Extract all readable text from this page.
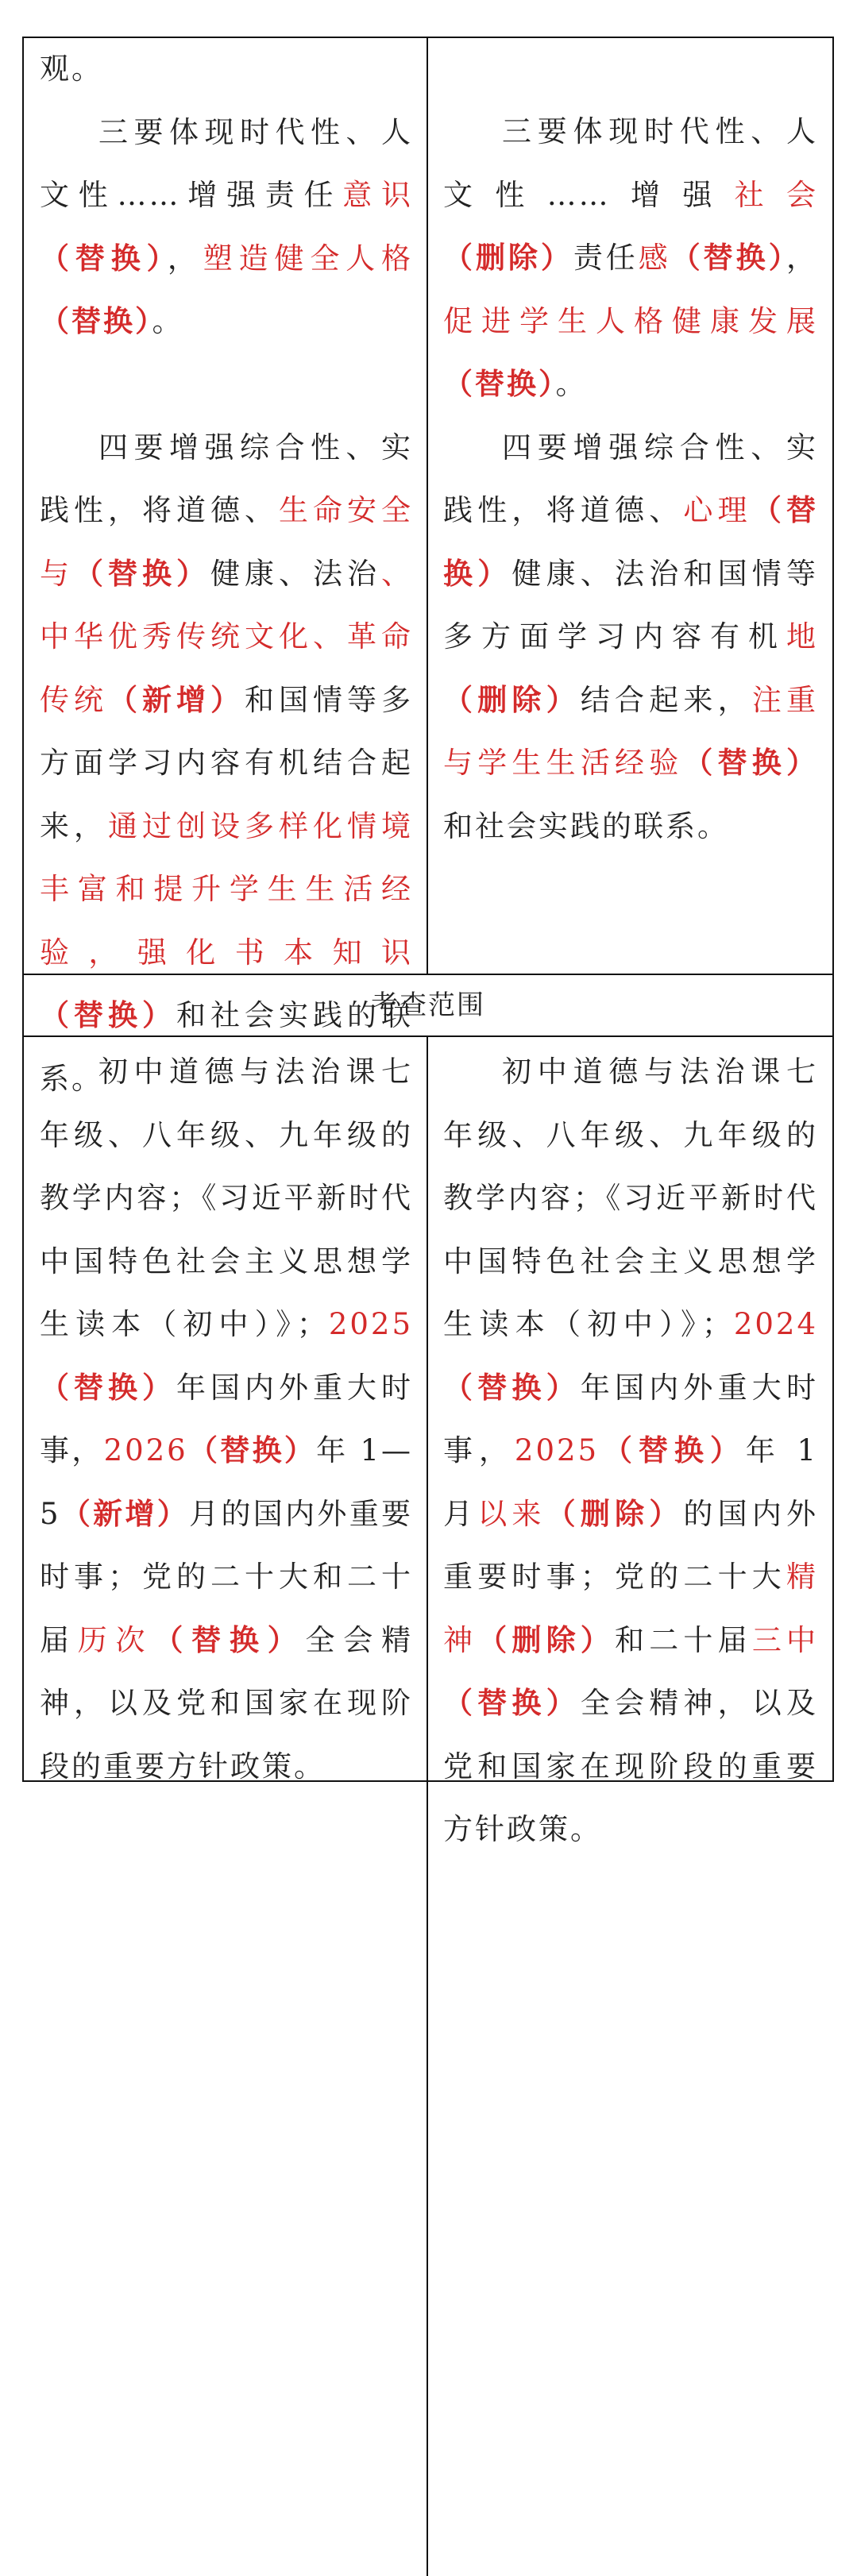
观。

三要体现时代性、人文性……增强责任意识（替换），塑造健全人格（替换）。

四要增强综合性、实践性，将道德、生命安全与（替换）健康、法治、中华优秀传统文化、革命传统（新增）和国情等多方面学习内容有机结合起来，通过创设多样化情境丰富和提升学生生活经验，强化书本知识（替换）和社会实践的联系。

三要体现时代性、人文性……增强社会（删除）责任感（替换），促进学生人格健康发展（替换）。

四要增强综合性、实践性，将道德、心理（替换）健康、法治和国情等多方面学习内容有机地（删除）结合起来，注重与学生生活经验（替换）和社会实践的联系。

考查范围

初中道德与法治课七年级、八年级、九年级的教学内容；《习近平新时代中国特色社会主义思想学生读本（初中）》；2025（替换）年国内外重大时事，2026（替换）年 1—5（新增）月的国内外重要时事；党的二十大和二十届历次（替换）全会精神，以及党和国家在现阶段的重要方针政策。

初中道德与法治课七年级、八年级、九年级的教学内容；《习近平新时代中国特色社会主义思想学生读本（初中）》；2024（替换）年国内外重大时事，2025（替换）年 1 月以来（删除）的国内外重要时事；党的二十大精神（删除）和二十届三中（替换）全会精神，以及党和国家在现阶段的重要方针政策。
